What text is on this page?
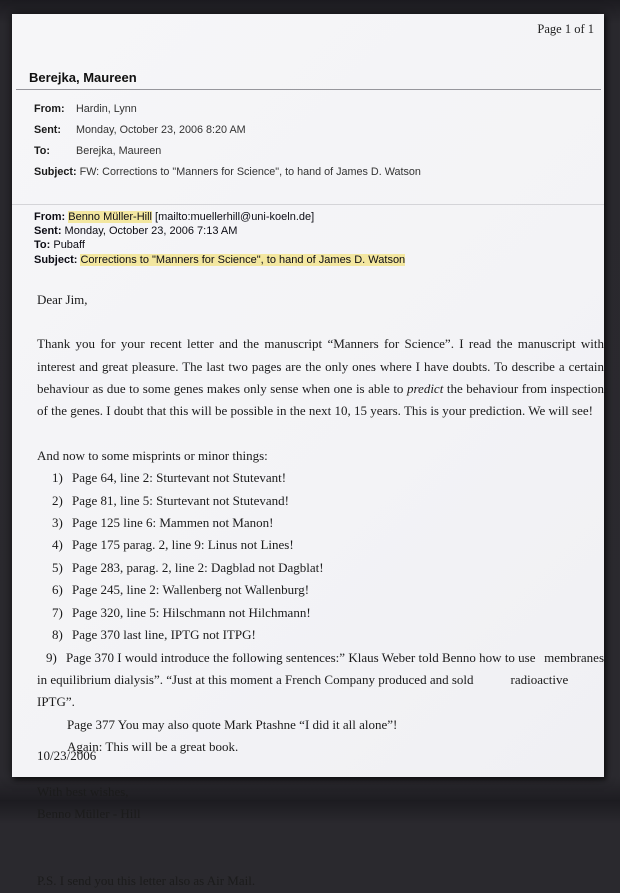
Page 1 of 1
Berejka, Maureen
From: Hardin, Lynn
Sent: Monday, October 23, 2006 8:20 AM
To: Berejka, Maureen
Subject: FW: Corrections to "Manners for Science", to hand of James D. Watson
From: Benno Müller-Hill [mailto:muellerhill@uni-koeln.de]
Sent: Monday, October 23, 2006 7:13 AM
To: Pubaff
Subject: Corrections to "Manners for Science", to hand of James D. Watson
Dear Jim,
Thank you for your recent letter and the manuscript “Manners for Science”. I read the manuscript with interest and great pleasure. The last two pages are the only ones where I have doubts. To describe a certain behaviour as due to some genes makes only sense when one is able to predict the behaviour from inspection of the genes. I doubt that this will be possible in the next 10, 15 years. This is your prediction. We will see!
And now to some misprints or minor things:
1) Page 64, line 2: Sturtevant not Stutevant!
2) Page 81, line 5: Sturtevant not Stutevand!
3) Page 125 line 6: Mammen not Manon!
4) Page 175 parag. 2, line 9: Linus not Lines!
5) Page 283, parag. 2, line 2: Dagblad not Dagblat!
6) Page 245, line 2: Wallenberg not Wallenburg!
7) Page 320, line 5: Hilschmann not Hilchmann!
8) Page 370 last line, IPTG not ITPG!
9) Page 370 I would introduce the following sentences:” Klaus Weber told Benno how to use membranes
in equilibrium dialysis”. “Just at this moment a French Company produced and sold	radioactive IPTG”.
Page 377 You may also quote Mark Ptashne “I did it all alone”!
Again: This will be a great book.
With best wishes,
Benno Müller - Hill
P.S. I send you this letter also as Air Mail.
10/23/2006
